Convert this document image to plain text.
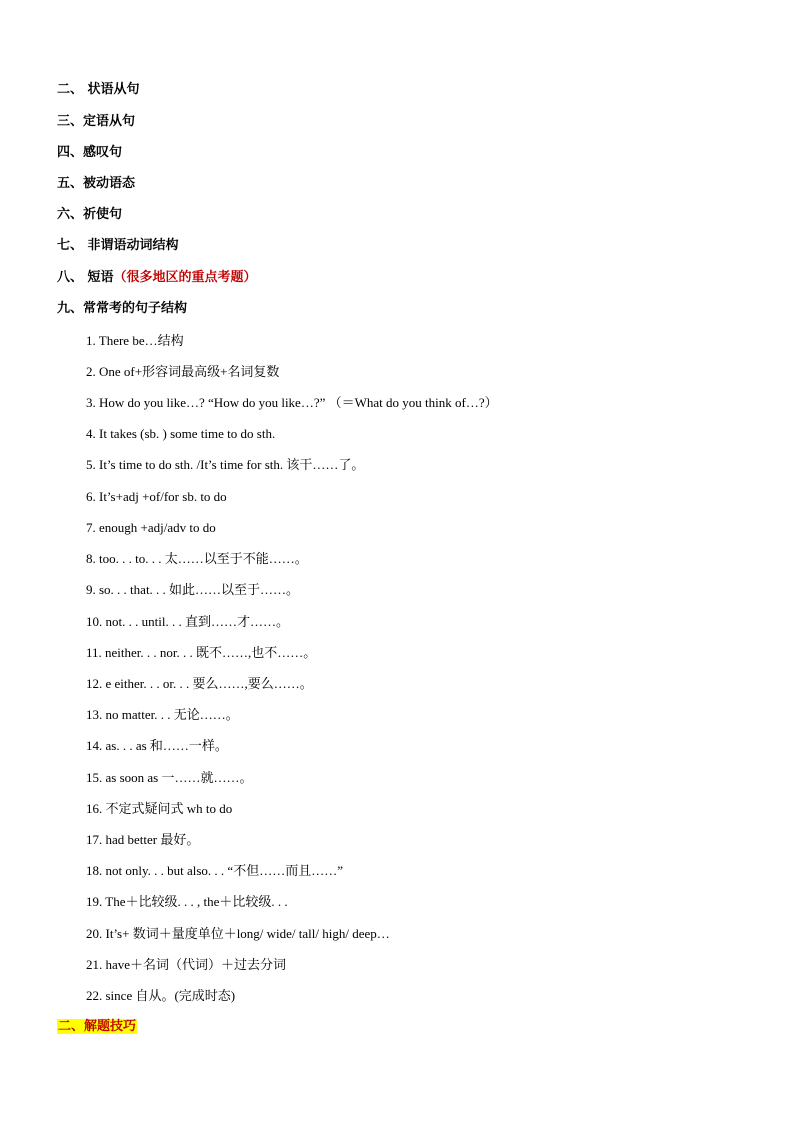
二、 状语从句
三、定语从句
四、感叹句
五、被动语态
六、祈使句
七、 非谓语动词结构
八、 短语（很多地区的重点考题）
九、常常考的句子结构
1. There be…结构
2. One of+形容词最高级+名词复数
3. How do you like…? “How do you like…?” （＝What do you think of…?）
4. It takes (sb. ) some time to do sth.
5. It’s time to do sth. /It’s time for sth. 该干……了。
6. It’s+adj +of/for sb. to do
7. enough +adj/adv to do
8. too. . . to. . . 太……以至于不能……。
9. so. . . that. . . 如此……以至于……。
10. not. . . until. . . 直到……才……。
11. neither. . . nor. . . 既不……,也不……。
12. e either. . . or. . . 要么……,要么……。
13. no matter. . . 无论……。
14. as. . . as 和……一样。
15. as soon as 一……就……。
16. 不定式疑问式 wh to do
17. had better 最好。
18. not only. . . but also. . . “不但……而且……”
19. The＋比较级. . . , the＋比较级. . .
20. It’s+ 数词＋量度单位＋long/ wide/ tall/ high/ deep…
21. have＋名词（代词）＋过去分词
22. since 自从。(完成时态)
二、解题技巧
